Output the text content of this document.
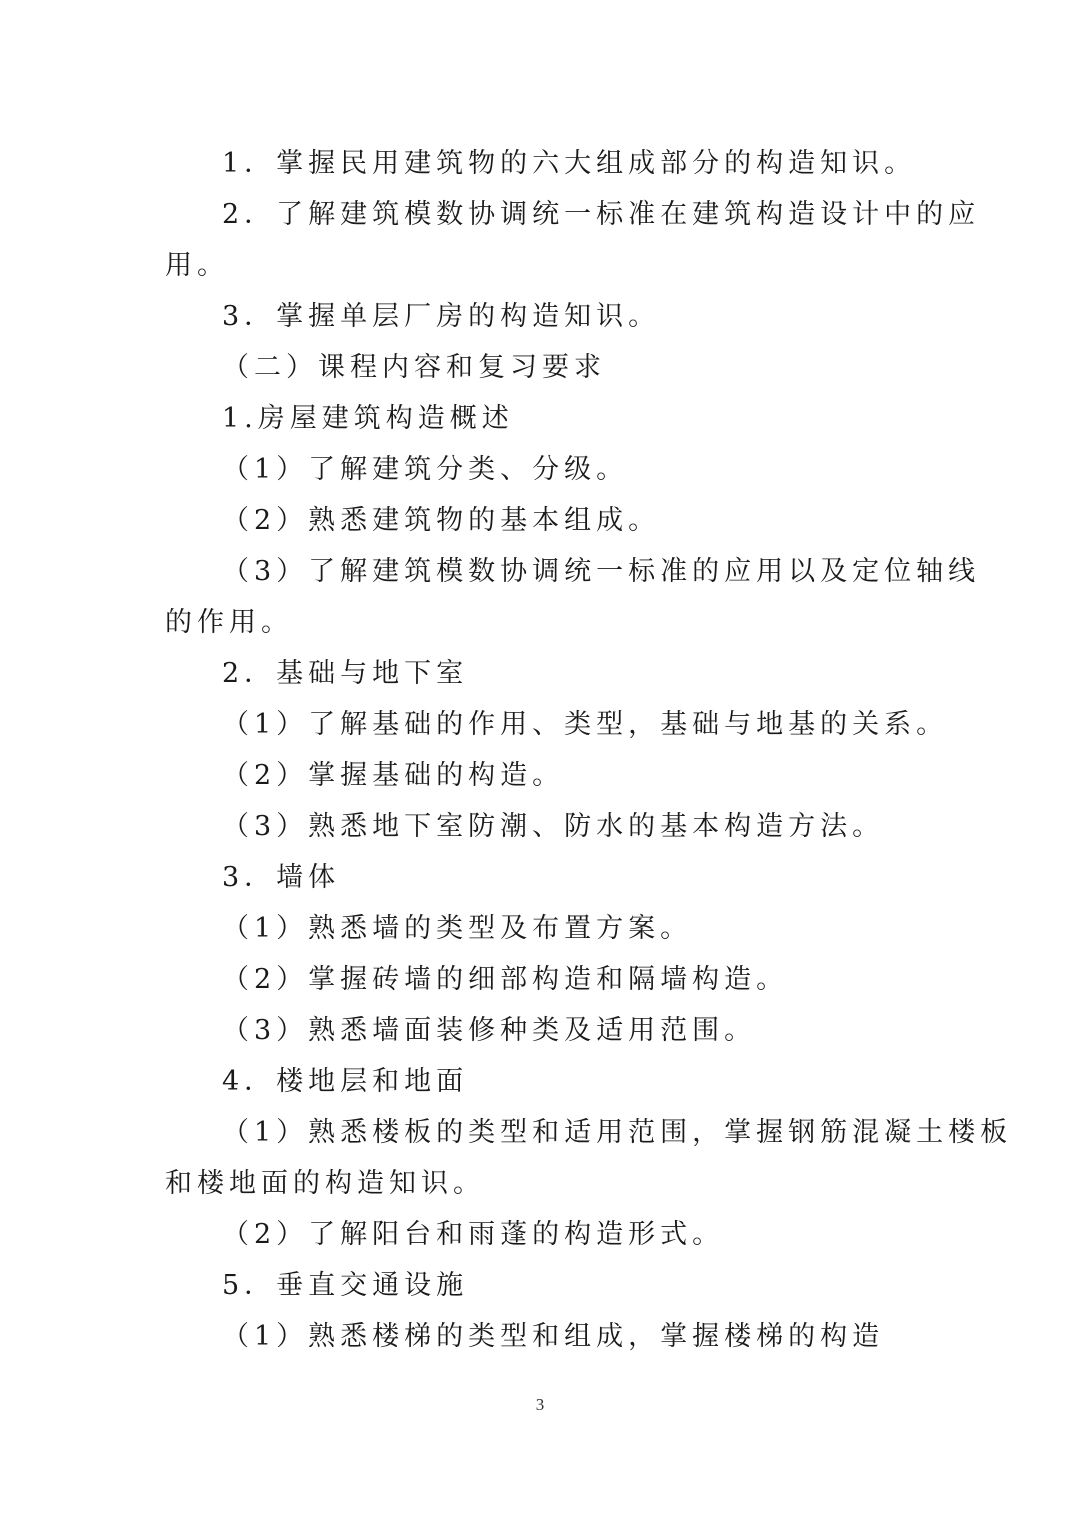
1．掌握民用建筑物的六大组成部分的构造知识。
2．了解建筑模数协调统一标准在建筑构造设计中的应
用。
3．掌握单层厂房的构造知识。
（二）课程内容和复习要求
1.房屋建筑构造概述
（1）了解建筑分类、分级。
（2）熟悉建筑物的基本组成。
（3）了解建筑模数协调统一标准的应用以及定位轴线
的作用。
2．基础与地下室
（1）了解基础的作用、类型，基础与地基的关系。
（2）掌握基础的构造。
（3）熟悉地下室防潮、防水的基本构造方法。
3．墙体
（1）熟悉墙的类型及布置方案。
（2）掌握砖墙的细部构造和隔墙构造。
（3）熟悉墙面装修种类及适用范围。
4．楼地层和地面
（1）熟悉楼板的类型和适用范围，掌握钢筋混凝土楼板
和楼地面的构造知识。
（2）了解阳台和雨蓬的构造形式。
5．垂直交通设施
（1）熟悉楼梯的类型和组成，掌握楼梯的构造
3
